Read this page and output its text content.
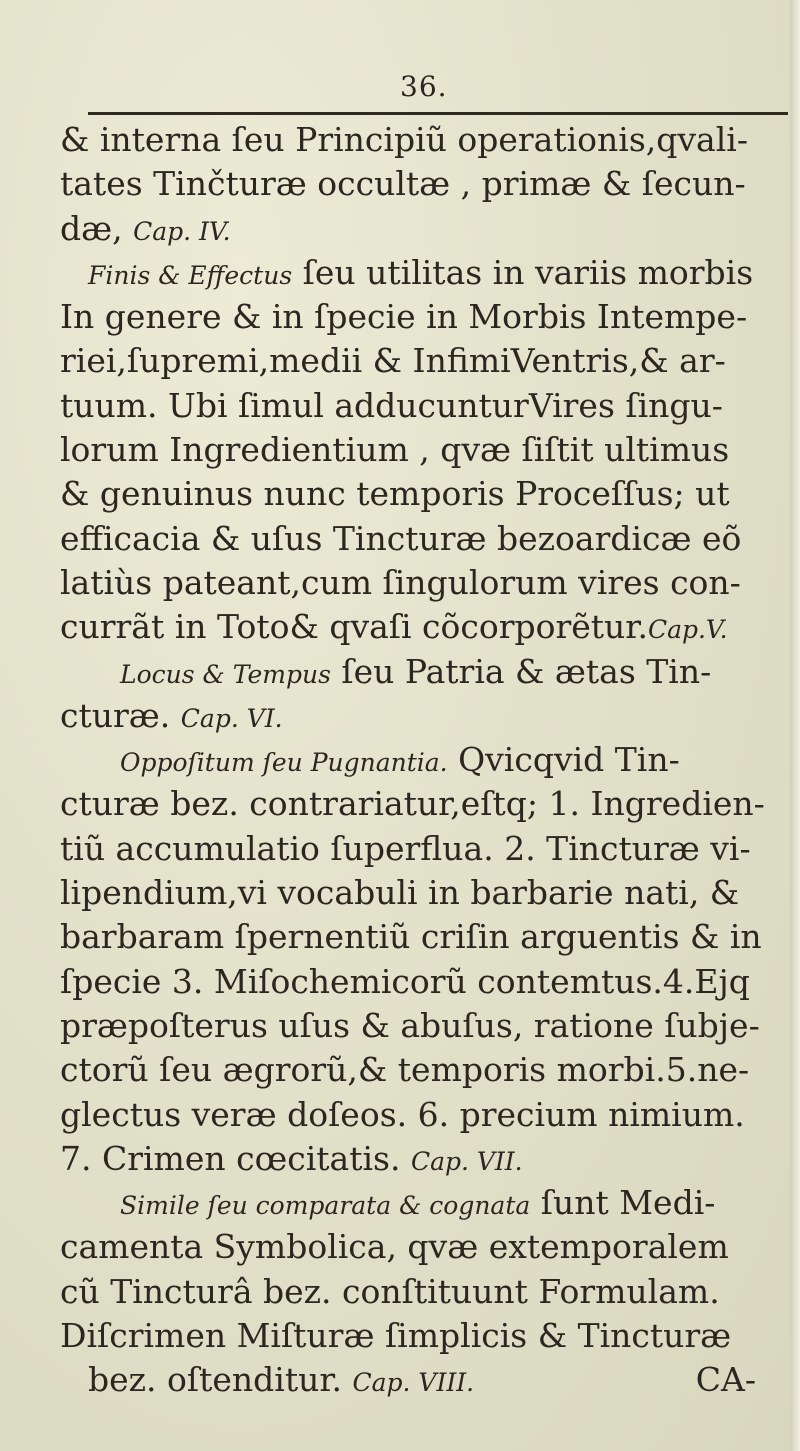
36.
& interna ſeu Principiũ operationis,qvali-
tates Tinčturæ occultæ , primæ & ſecun-
dæ, Cap. IV.
Finis & Effectus ſeu utilitas in variis morbis
In genere & in ſpecie in Morbis Intempe-
riei,ſupremi,medii & InfimiVentris,& ar-
tuum. Ubi ſimul adducunturVires ſingu-
lorum Ingredientium , qvæ ſiſtit ultimus
& genuinus nunc temporis Proceſſus; ut
efficacia & uſus Tincturæ bezoardicæ eõ
latiùs pateant,cum ſingulorum vires con-
currãt in Toto& qvaſi cõcorporẽtur.Cap.V.
Locus & Tempus ſeu Patria & ætas Tin-
cturæ. Cap. VI.
Oppoſitum ſeu Pugnantia. Qvicqvid Tin-
cturæ bez. contrariatur,eſtq; 1. Ingredien-
tiũ accumulatio ſuperflua. 2. Tincturæ vi-
lipendium,vi vocabuli in barbarie nati, &
barbaram ſpernentiũ criſin arguentis & in
ſpecie 3. Miſochemicorũ contemtus.4.Ejq
præpoſterus uſus & abuſus, ratione ſubje-
ctorũ ſeu ægrorũ,& temporis morbi.5.ne-
glectus veræ doſeos. 6. precium nimium.
7. Crimen cœcitatis. Cap. VII.
Simile ſeu comparata & cognata ſunt Medi-
camenta Symbolica, qvæ extemporalem
cũ Tincturâ bez. conſtituunt Formulam.
Diſcrimen Miſturæ ſimplicis & Tincturæ
bez. oſtenditur. Cap. VIII.	CA-
